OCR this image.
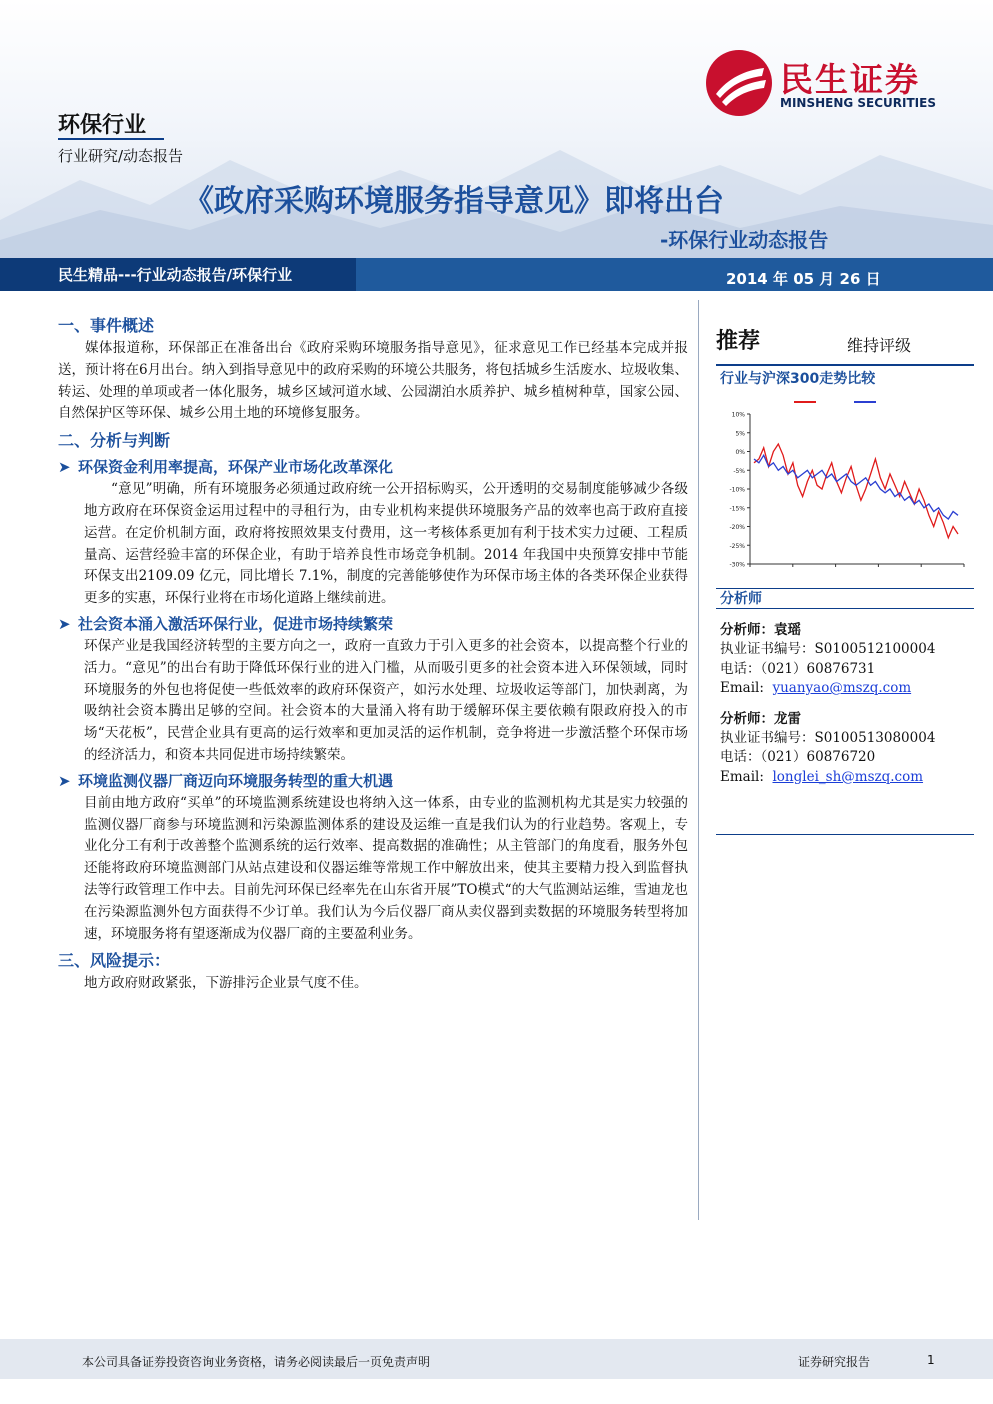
民生证券
MINSHENG SECURITIES
环保行业
行业研究/动态报告
《政府采购环境服务指导意见》即将出台
-环保行业动态报告
民生精品---行业动态报告/环保行业	2014 年 05 月 26 日
一、事件概述

媒体报道称，环保部正在准备出台《政府采购环境服务指导意见》，征求意见工作已经基本完成并报送，预计将在6月出台。纳入到指导意见中的政府采购的环境公共服务，将包括城乡生活废水、垃圾收集、转运、处理的单项或者一体化服务，城乡区域河道水域、公园湖泊水质养护、城乡植树种草，国家公园、自然保护区等环保、城乡公用土地的环境修复服务。

二、分析与判断
➤ 环保资金利用率提高，环保产业市场化改革深化

“意见”明确，所有环境服务必须通过政府统一公开招标购买，公开透明的交易制度能够减少各级地方政府在环保资金运用过程中的寻租行为，由专业机构来提供环境服务产品的效率也高于政府直接运营。在定价机制方面，政府将按照效果支付费用，这一考核体系更加有利于技术实力过硬、工程质量高、运营经验丰富的环保企业，有助于培养良性市场竞争机制。2014 年我国中央预算安排中节能环保支出2109.09 亿元，同比增长 7.1%，制度的完善能够使作为环保市场主体的各类环保企业获得更多的实惠，环保行业将在市场化道路上继续前进。

➤ 社会资本涌入激活环保行业，促进市场持续繁荣

环保产业是我国经济转型的主要方向之一，政府一直致力于引入更多的社会资本，以提高整个行业的活力。“意见”的出台有助于降低环保行业的进入门槛，从而吸引更多的社会资本进入环保领域，同时环境服务的外包也将促使一些低效率的政府环保资产，如污水处理、垃圾收运等部门，加快剥离，为吸纳社会资本腾出足够的空间。社会资本的大量涌入将有助于缓解环保主要依赖有限政府投入的市场“天花板”，民营企业具有更高的运行效率和更加灵活的运作机制，竞争将进一步激活整个环保市场的经济活力，和资本共同促进市场持续繁荣。

➤ 环境监测仪器厂商迈向环境服务转型的重大机遇

目前由地方政府“买单”的环境监测系统建设也将纳入这一体系，由专业的监测机构尤其是实力较强的监测仪器厂商参与环境监测和污染源监测体系的建设及运维一直是我们认为的行业趋势。客观上，专业化分工有利于改善整个监测系统的运行效率、提高数据的准确性；从主管部门的角度看，服务外包还能将政府环境监测部门从站点建设和仪器运维等常规工作中解放出来，使其主要精力投入到监督执法等行政管理工作中去。目前先河环保已经率先在山东省开展”TO模式“的大气监测站运维，雪迪龙也在污染源监测外包方面获得不少订单。我们认为今后仪器厂商从卖仪器到卖数据的环境服务转型将加速，环境服务将有望逐渐成为仪器厂商的主要盈利业务。

三、风险提示：

地方政府财政紧张，下游排污企业景气度不佳。

推荐	维持评级
行业与沪深300走势比较
10%
5%
0%
-5%
-10%
-15%
-20%
-25%
-30%
分析师
分析师：袁瑶
执业证书编号：S0100512100004
电话：（021）60876731
Email: yuanyao@mszq.com
分析师：龙雷
执业证书编号：S0100513080004
电话：（021）60876720
Email: longlei_sh@mszq.com
本公司具备证券投资咨询业务资格，请务必阅读最后一页免责声明	证券研究报告	1
